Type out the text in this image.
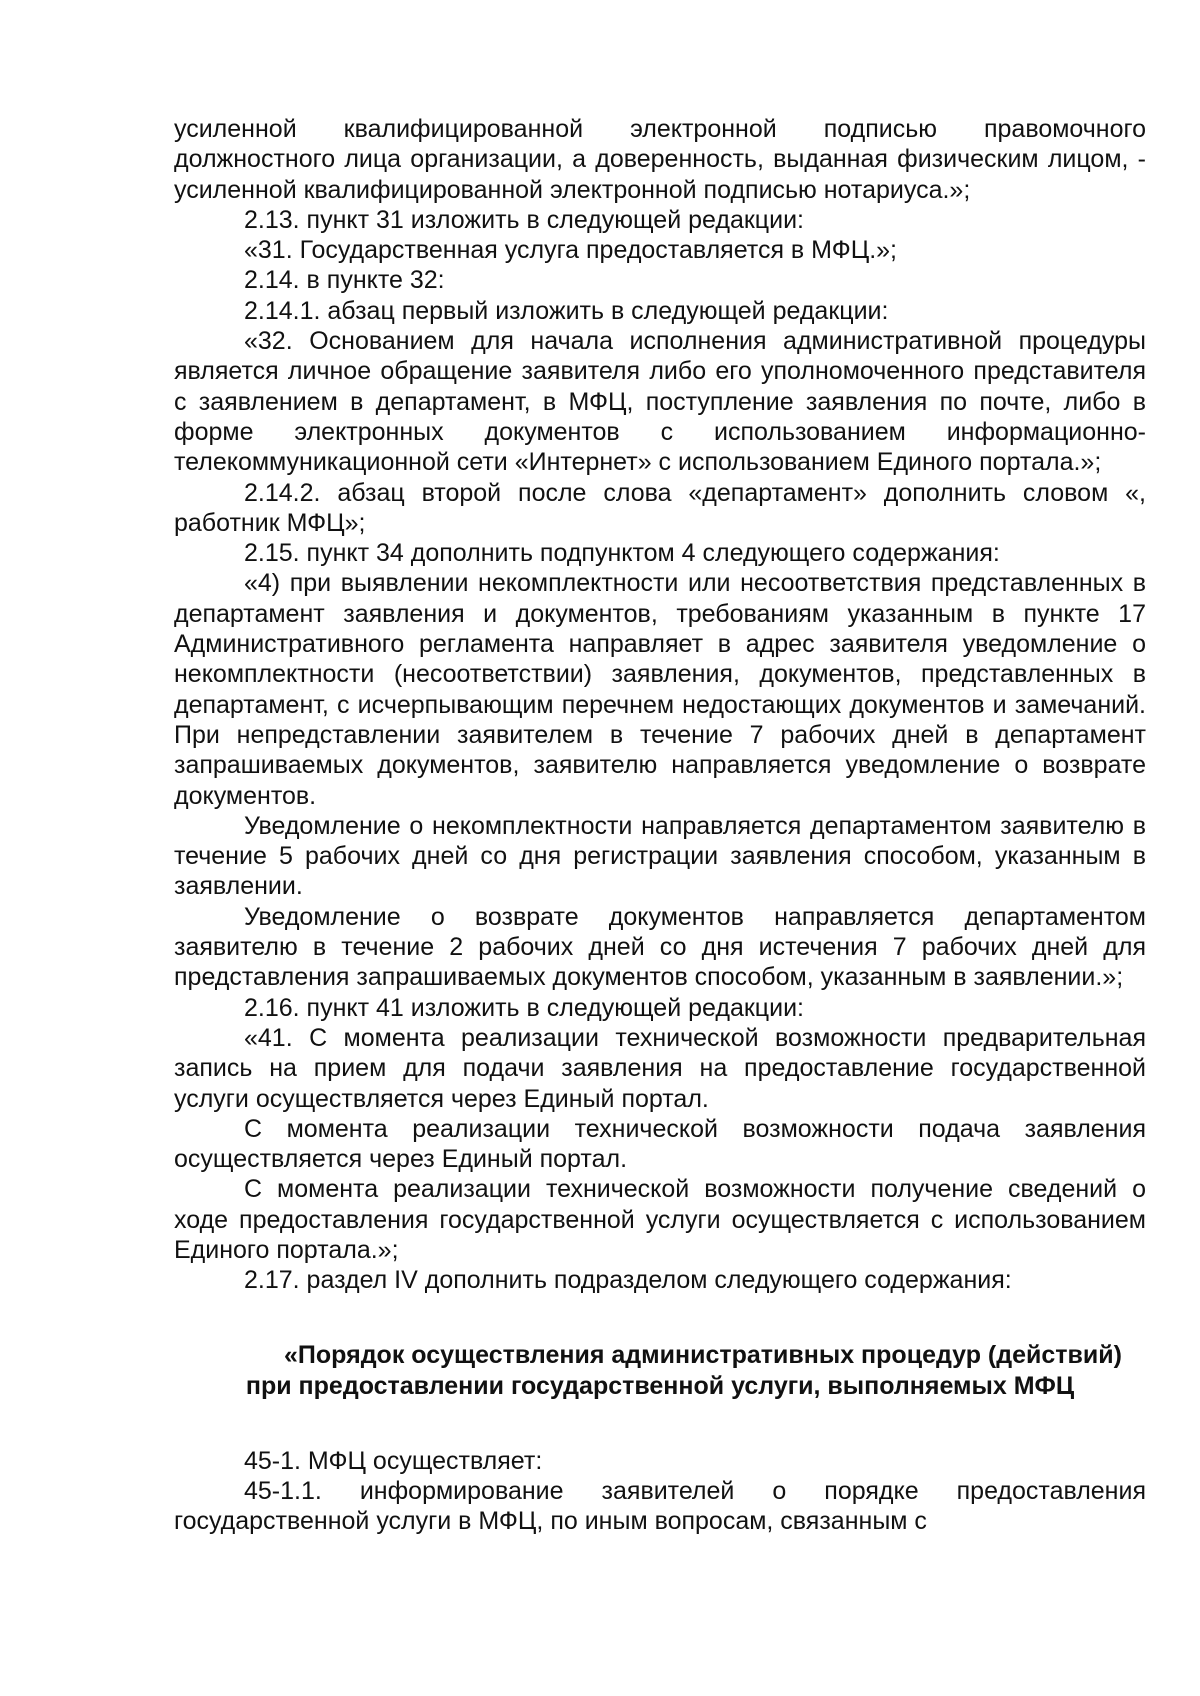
усиленной квалифицированной электронной подписью правомочного должностного лица организации, а доверенность, выданная физическим лицом, - усиленной квалифицированной электронной подписью нотариуса.»;

2.13. пункт 31 изложить в следующей редакции:

«31. Государственная услуга предоставляется в МФЦ.»;

2.14. в пункте 32:

2.14.1. абзац первый изложить в следующей редакции:

«32. Основанием для начала исполнения административной процедуры является личное обращение заявителя либо его уполномоченного представителя с заявлением в департамент, в МФЦ, поступление заявления по почте, либо в форме электронных документов с использованием информационно-телекоммуникационной сети «Интернет» с использованием Единого портала.»;

2.14.2. абзац второй после слова «департамент» дополнить словом «, работник МФЦ»;

2.15. пункт 34 дополнить подпунктом 4 следующего содержания:

«4) при выявлении некомплектности или несоответствия представленных в департамент заявления и документов, требованиям указанным в пункте 17 Административного регламента направляет в адрес заявителя уведомление о некомплектности (несоответствии) заявления, документов, представленных в департамент, с исчерпывающим перечнем недостающих документов и замечаний. При непредставлении заявителем в течение 7 рабочих дней в департамент запрашиваемых документов, заявителю направляется уведомление о возврате документов.

Уведомление о некомплектности направляется департаментом заявителю в течение 5 рабочих дней со дня регистрации заявления способом, указанным в заявлении.

Уведомление о возврате документов направляется департаментом заявителю в течение 2 рабочих дней со дня истечения 7 рабочих дней для представления запрашиваемых документов способом, указанным в заявлении.»;

2.16. пункт 41 изложить в следующей редакции:

«41. С момента реализации технической возможности предварительная запись на прием для подачи заявления на предоставление государственной услуги осуществляется через Единый портал.

С момента реализации технической возможности подача заявления осуществляется через Единый портал.

С момента реализации технической возможности получение сведений о ходе предоставления государственной услуги осуществляется с использованием Единого портала.»;

2.17. раздел IV дополнить подразделом следующего содержания:

«Порядок осуществления административных процедур (действий)
при предоставлении государственной услуги, выполняемых МФЦ

45-1. МФЦ осуществляет:

45-1.1. информирование заявителей о порядке предоставления государственной услуги в МФЦ, по иным вопросам, связанным с
